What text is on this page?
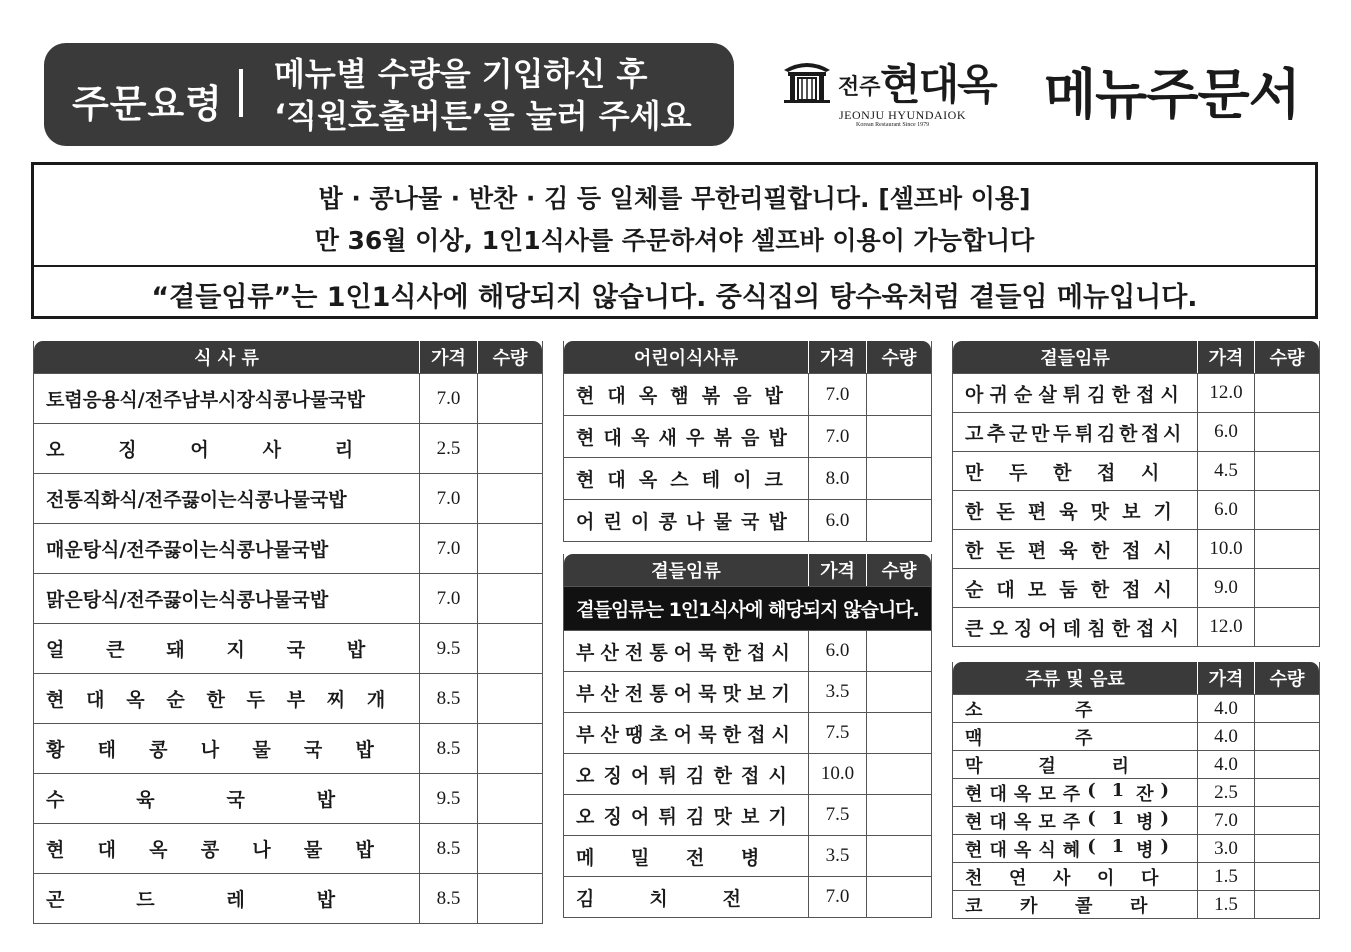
주문요령
메뉴별 수량을 기입하신 후
‘직원호출버튼’을 눌러 주세요
전주 현대옥
JEONJU HYUNDAIOK
Korean Restaurant Since 1979 메뉴주문서
밥 · 콩나물 · 반찬 · 김 등 일체를 무한리필합니다. [셀프바 이용]
만 36월 이상, 1인1식사를 주문하셔야 셀프바 이용이 가능합니다
“곁들임류”는 1인1식사에 해당되지 않습니다. 중식집의 탕수육처럼 곁들임 메뉴입니다.
식 사 류	가격	수량
토렴응용식/전주남부시장식콩나물국밥	7.0
오	징	어	사	리	2.5
전통직화식/전주끓이는식콩나물국밥	7.0
매운탕식/전주끓이는식콩나물국밥	7.0
맑은탕식/전주끓이는식콩나물국밥	7.0
얼	큰	돼	지	국	밥	9.5
현	대	옥	순	한	두	부	찌	개	8.5
황	태	콩	나	물	국	밥	8.5
수	육	국	밥	9.5
현	대	옥	콩	나	물	밥	8.5
곤	드	레	밥	8.5
어린이식사류	가격	수량
현 대 옥 햄 볶 음 밥	7.0
현 대 옥 새 우 볶 음 밥	7.0
현 대 옥 스 테 이 크	8.0
어 린 이 콩 나 물 국 밥	6.0
곁들임류	가격	수량
곁들임류는 1인1식사에 해당되지 않습니다.
부 산 전 통 어 묵 한 접 시	6.0
부 산 전 통 어 묵 맛 보 기	3.5
부 산 땡 초 어 묵 한 접 시	7.5
오 징 어 튀 김 한 접 시	10.0
오 징 어 튀 김 맛 보 기	7.5
메	밀	전	병	3.5
김	치	전	7.0
곁들임류	가격	수량
아 귀 순 살 튀 김 한 접 시	12.0
고 추 군 만 두 튀 김 한 접 시	6.0
만	두	한	접	시	4.5
한 돈 편 육 맛 보 기	6.0
한 돈 편 육 한 접 시	10.0
순 대 모 둠 한 접 시	9.0
큰 오 징 어 데 침 한 접 시	12.0
주류 및 음료	가격	수량
소	주	4.0
맥	주	4.0
막	걸	리	4.0
현 대 옥 모 주 ( 1 잔 )	2.5
현 대 옥 모 주 ( 1 병 )	7.0
현 대 옥 식 혜 ( 1 병 )	3.0
천	연	사	이	다	1.5
코	카	콜	라	1.5
